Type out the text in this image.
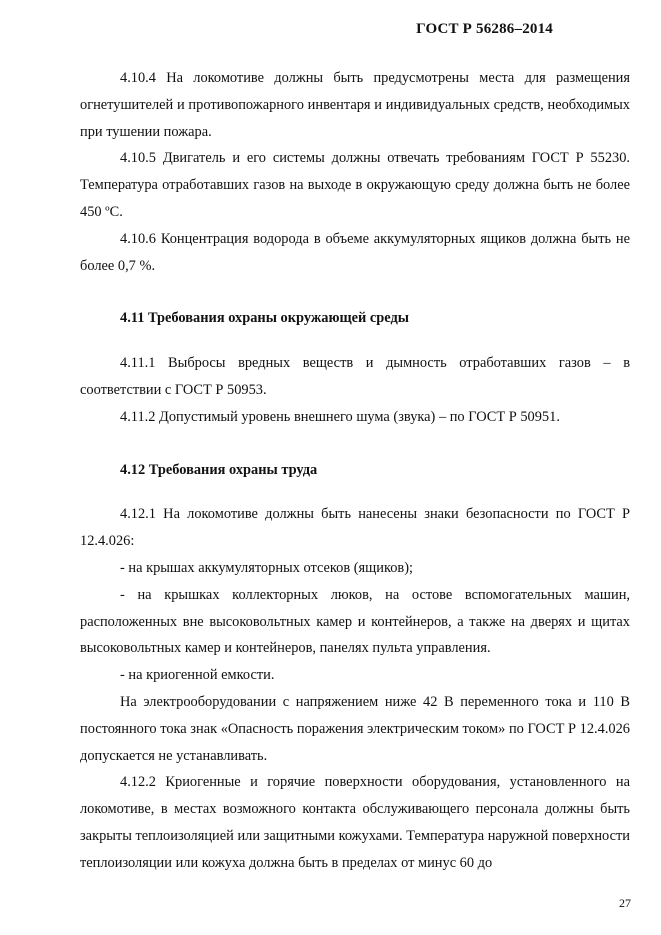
ГОСТ Р 56286–2014

4.10.4 На локомотиве должны быть предусмотрены места для размещения огнетушителей и противопожарного инвентаря и индивидуальных средств, необходимых при тушении пожара.

4.10.5 Двигатель и его системы должны отвечать требованиям ГОСТ Р 55230. Температура отработавших газов на выходе в окружающую среду должна быть не более 450 ºС.

4.10.6 Концентрация водорода в объеме аккумуляторных ящиков должна быть не более 0,7 %.

4.11 Требования охраны окружающей среды

4.11.1 Выбросы вредных веществ и дымность отработавших газов – в соответствии с ГОСТ Р 50953.

4.11.2 Допустимый уровень внешнего шума (звука) – по ГОСТ Р 50951.

4.12 Требования охраны труда

4.12.1 На локомотиве должны быть нанесены знаки безопасности по ГОСТ Р 12.4.026:

- на крышах аккумуляторных отсеков (ящиков);

- на крышках коллекторных люков, на остове вспомогательных машин, расположенных вне высоковольтных камер и контейнеров, а также на дверях и щитах высоковольтных камер и контейнеров, панелях пульта управления.

- на криогенной емкости.

На электрооборудовании с напряжением ниже 42 В переменного тока и 110 В постоянного тока знак «Опасность поражения электрическим током» по ГОСТ Р 12.4.026 допускается не устанавливать.

4.12.2 Криогенные и горячие поверхности оборудования, установленного на локомотиве, в местах возможного контакта обслуживающего персонала должны быть закрыты теплоизоляцией или защитными кожухами. Температура наружной поверхности теплоизоляции или кожуха должна быть в пределах от минус 60 до

27
